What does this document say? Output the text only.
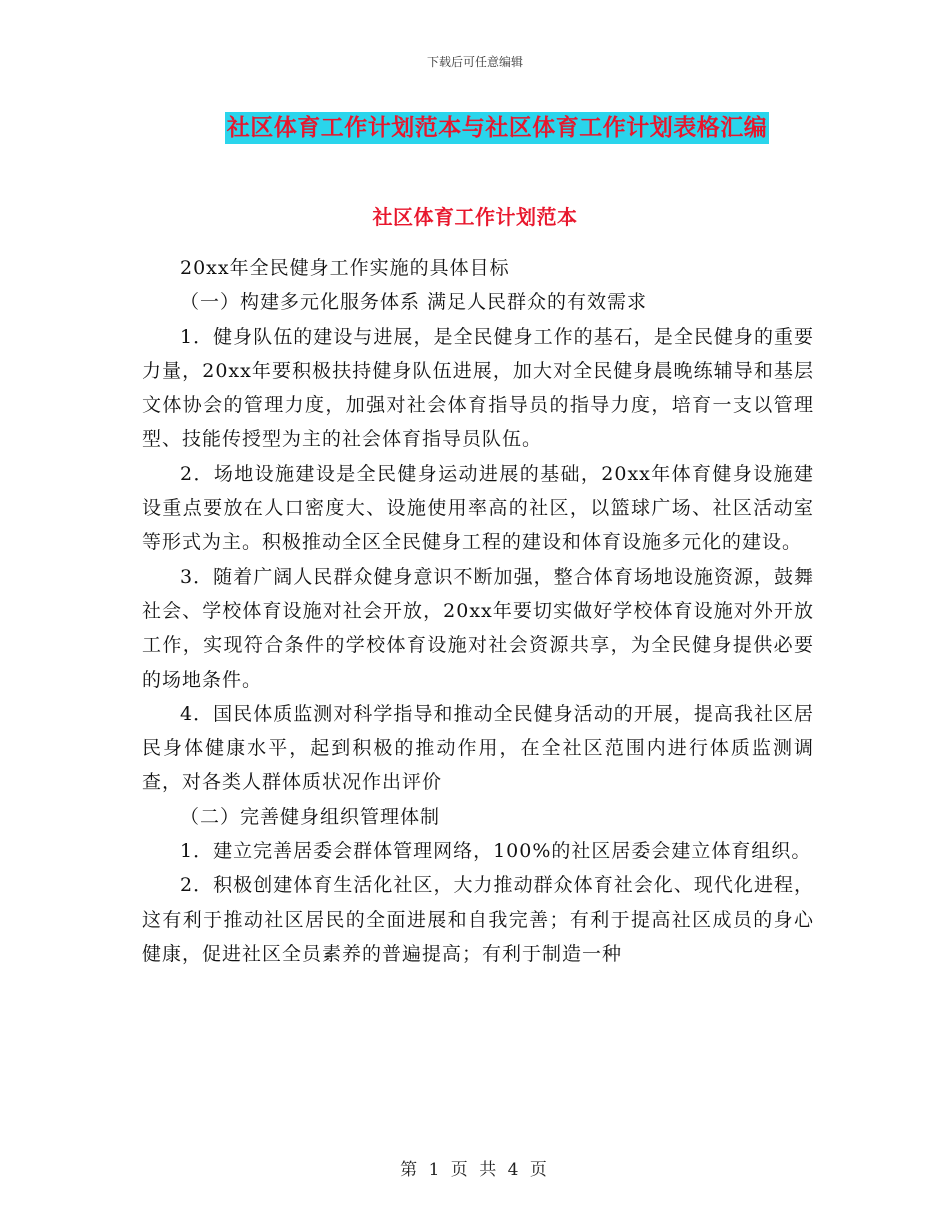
下载后可任意编辑
社区体育工作计划范本与社区体育工作计划表格汇编
社区体育工作计划范本

20xx年全民健身工作实施的具体目标

（一）构建多元化服务体系 满足人民群众的有效需求

1．健身队伍的建设与进展，是全民健身工作的基石，是全民健身的重要力量，20xx年要积极扶持健身队伍进展，加大对全民健身晨晚练辅导和基层文体协会的管理力度，加强对社会体育指导员的指导力度，培育一支以管理型、技能传授型为主的社会体育指导员队伍。

2．场地设施建设是全民健身运动进展的基础，20xx年体育健身设施建设重点要放在人口密度大、设施使用率高的社区，以篮球广场、社区活动室等形式为主。积极推动全区全民健身工程的建设和体育设施多元化的建设。

3．随着广阔人民群众健身意识不断加强，整合体育场地设施资源，鼓舞社会、学校体育设施对社会开放，20xx年要切实做好学校体育设施对外开放工作，实现符合条件的学校体育设施对社会资源共享，为全民健身提供必要的场地条件。

4．国民体质监测对科学指导和推动全民健身活动的开展，提高我社区居民身体健康水平，起到积极的推动作用，在全社区范围内进行体质监测调查，对各类人群体质状况作出评价

（二）完善健身组织管理体制

1．建立完善居委会群体管理网络，100%的社区居委会建立体育组织。

2．积极创建体育生活化社区，大力推动群众体育社会化、现代化进程，这有利于推动社区居民的全面进展和自我完善；有利于提高社区成员的身心健康，促进社区全员素养的普遍提高；有利于制造一种

第 1 页 共 4 页
